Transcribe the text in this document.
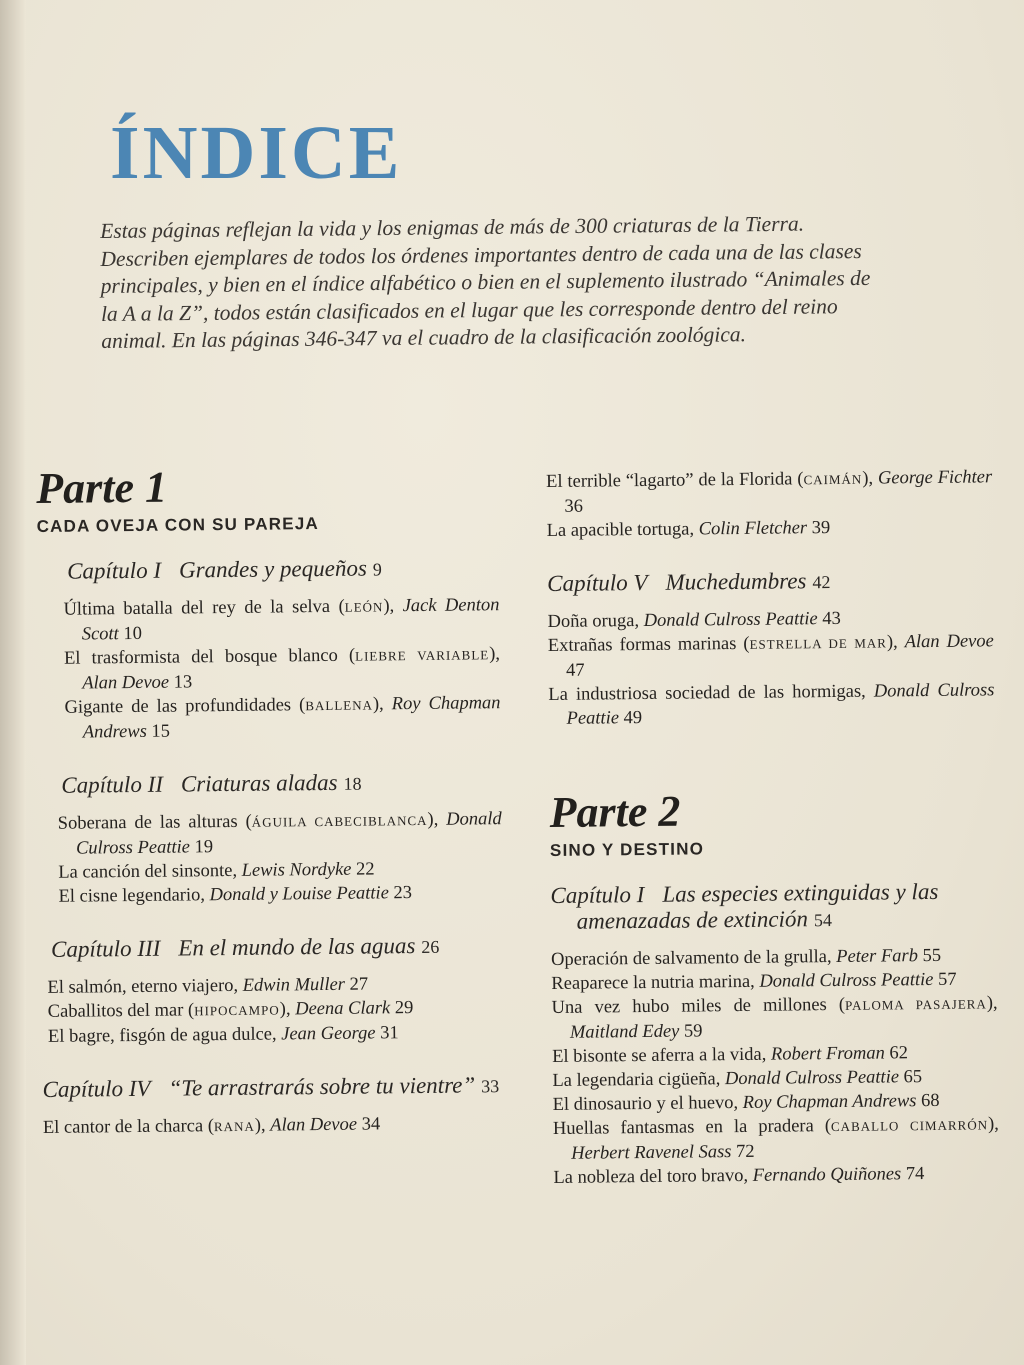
ÍNDICE

Estas páginas reflejan la vida y los enigmas de más de 300 criaturas de la Tierra. Describen ejemplares de todos los órdenes importantes dentro de cada una de las clases principales, y bien en el índice alfabético o bien en el suplemento ilustrado “Animales de la A a la Z”, todos están clasificados en el lugar que les corresponde dentro del reino animal. En las páginas 346-347 va el cuadro de la clasificación zoológica.

Parte 1
CADA OVEJA CON SU PAREJA
Capítulo I Grandes y pequeños 9
Última batalla del rey de la selva (LEÓN), Jack Denton Scott 10
El trasformista del bosque blanco (LIEBRE VARIABLE), Alan Devoe 13
Gigante de las profundidades (BALLENA), Roy Chapman Andrews 15
Capítulo II Criaturas aladas 18
Soberana de las alturas (ÁGUILA CABECIBLANCA), Donald Culross Peattie 19
La canción del sinsonte, Lewis Nordyke 22
El cisne legendario, Donald y Louise Peattie 23
Capítulo III En el mundo de las aguas 26
El salmón, eterno viajero, Edwin Muller 27
Caballitos del mar (HIPOCAMPO), Deena Clark 29
El bagre, fisgón de agua dulce, Jean George 31
Capítulo IV “Te arrastrarás sobre tu vientre” 33
El cantor de la charca (RANA), Alan Devoe 34
El terrible “lagarto” de la Florida (CAIMÁN), George Fichter 36
La apacible tortuga, Colin Fletcher 39
Capítulo V Muchedumbres 42
Doña oruga, Donald Culross Peattie 43
Extrañas formas marinas (ESTRELLA DE MAR), Alan Devoe 47
La industriosa sociedad de las hormigas, Donald Culross Peattie 49
Parte 2
SINO Y DESTINO
Capítulo I Las especies extinguidas y las amenazadas de extinción 54
Operación de salvamento de la grulla, Peter Farb 55
Reaparece la nutria marina, Donald Culross Peattie 57
Una vez hubo miles de millones (PALOMA PASAJERA), Maitland Edey 59
El bisonte se aferra a la vida, Robert Froman 62
La legendaria cigüeña, Donald Culross Peattie 65
El dinosaurio y el huevo, Roy Chapman Andrews 68
Huellas fantasmas en la pradera (CABALLO CIMARRÓN), Herbert Ravenel Sass 72
La nobleza del toro bravo, Fernando Quiñones 74
